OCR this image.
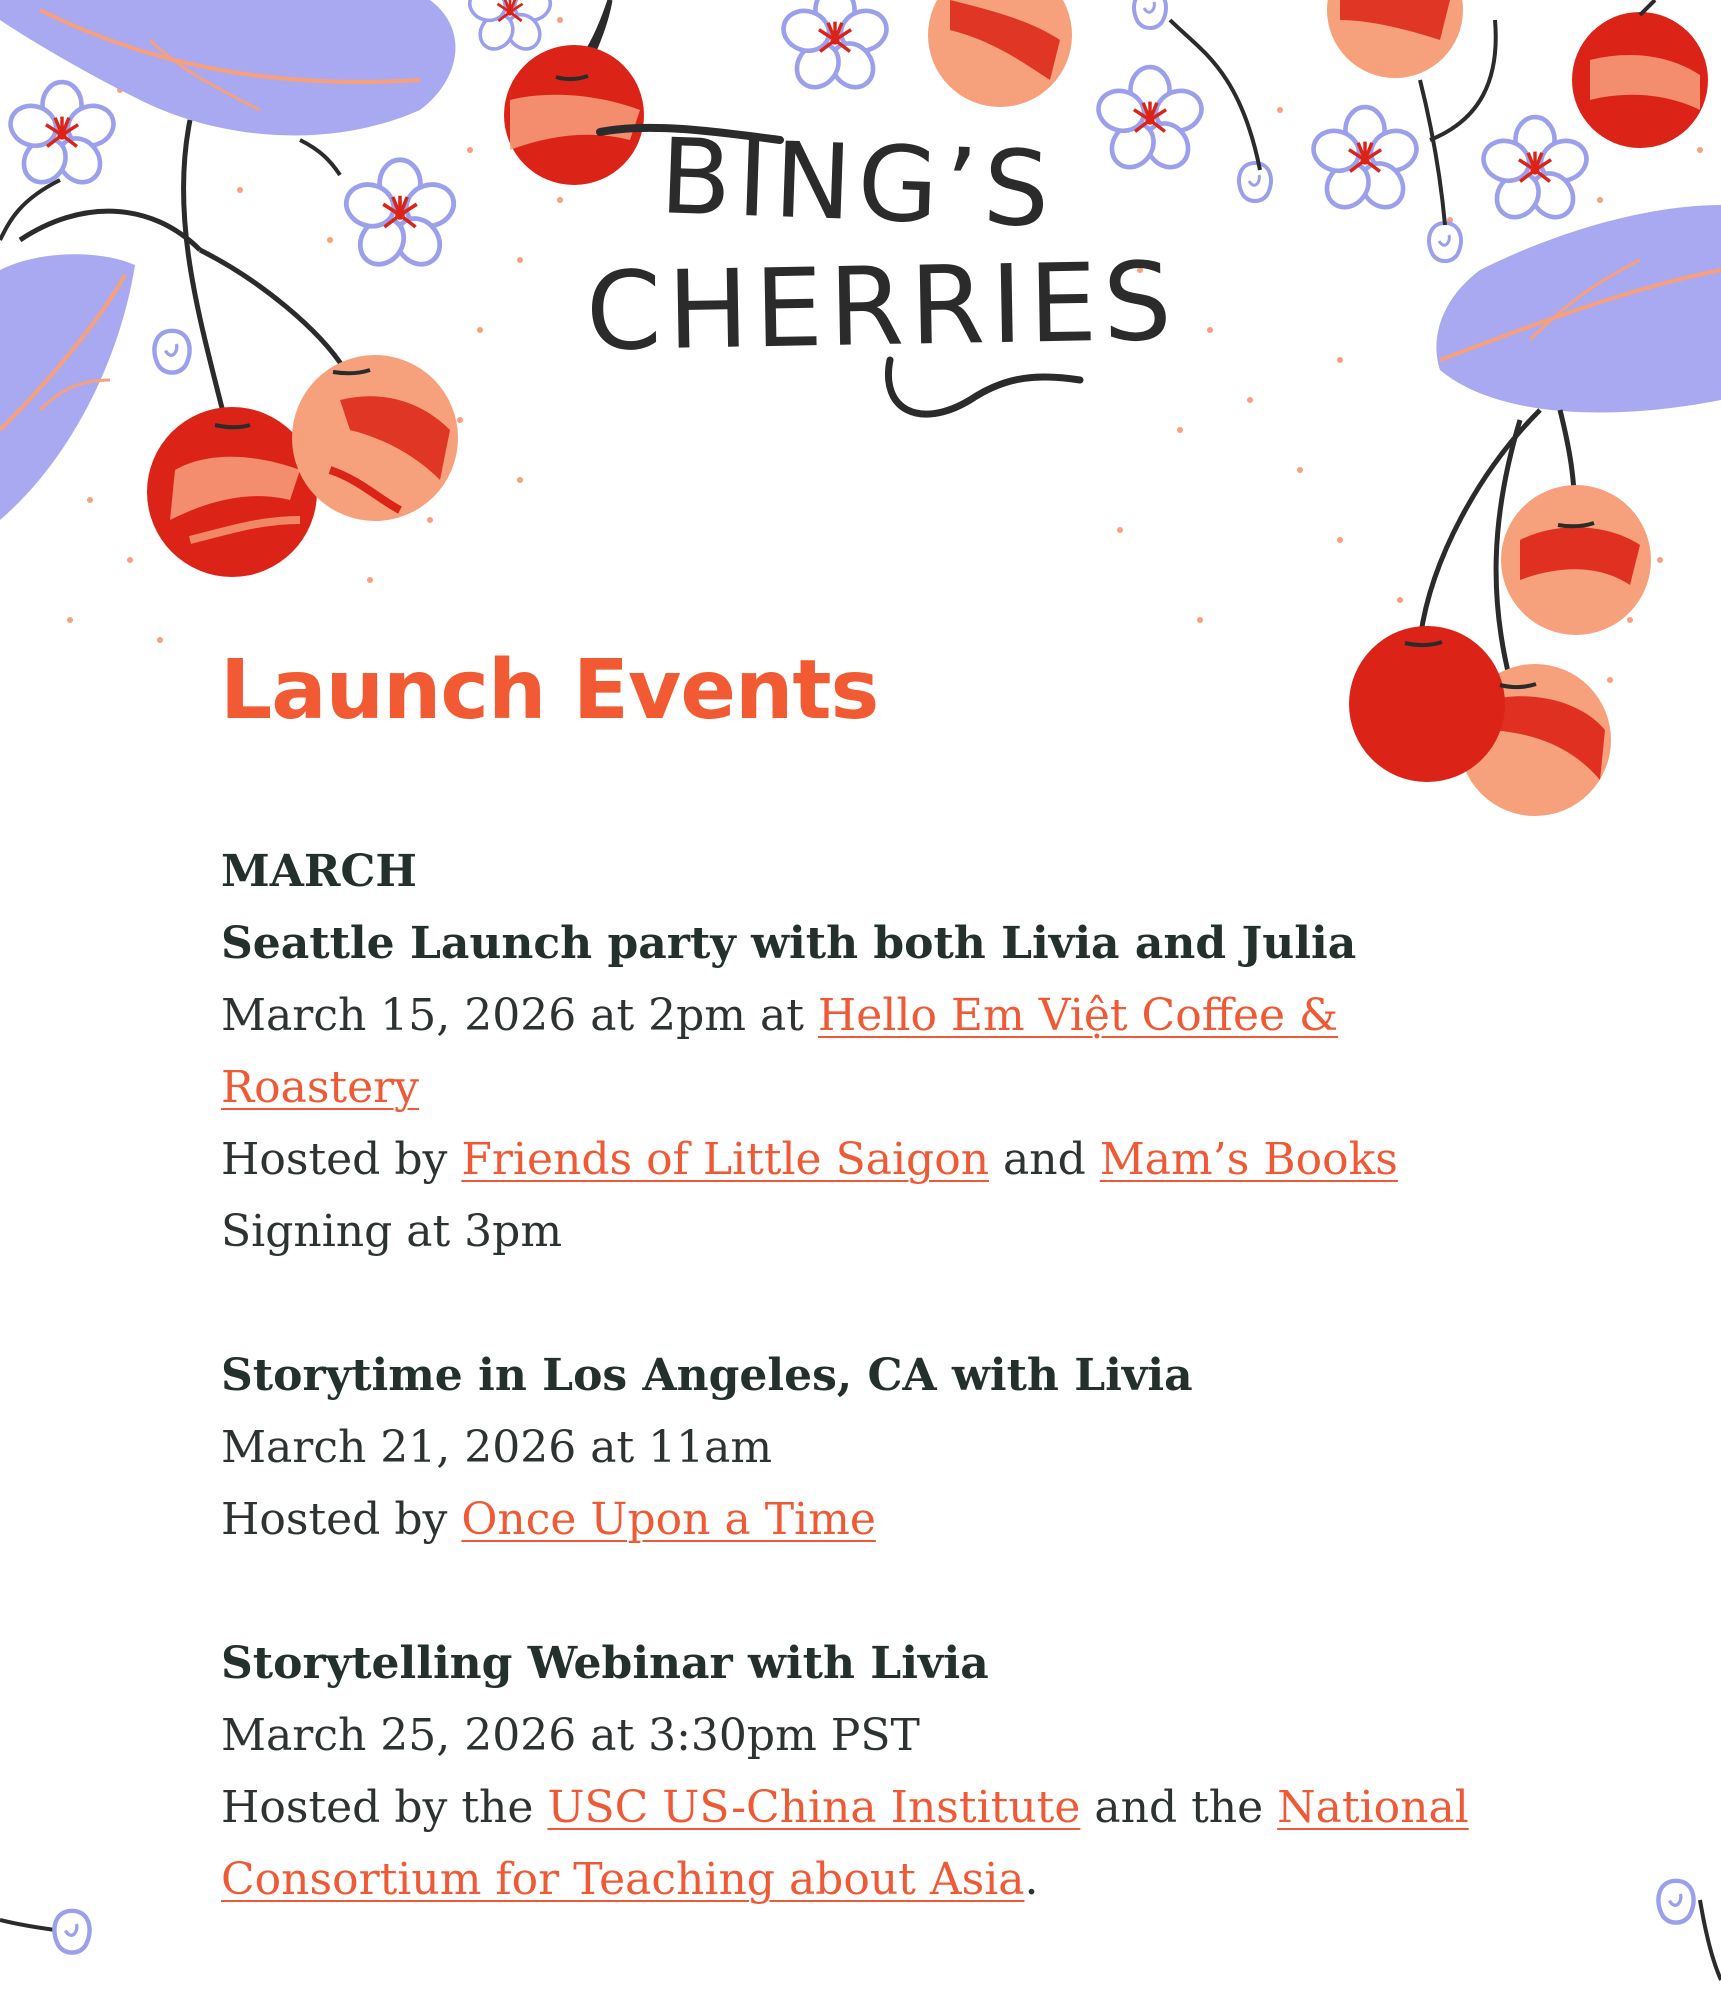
BING’S
CHERRIES
Launch Events

MARCH

Seattle Launch party with both Livia and Julia

March 15, 2026 at 2pm at Hello Em Việt Coffee & Roastery

Hosted by Friends of Little Saigon and Mam’s Books

Signing at 3pm

Storytime in Los Angeles, CA with Livia

March 21, 2026 at 11am

Hosted by Once Upon a Time

Storytelling Webinar with Livia

March 25, 2026 at 3:30pm PST

Hosted by the USC US-China Institute and the National Consortium for Teaching about Asia.
